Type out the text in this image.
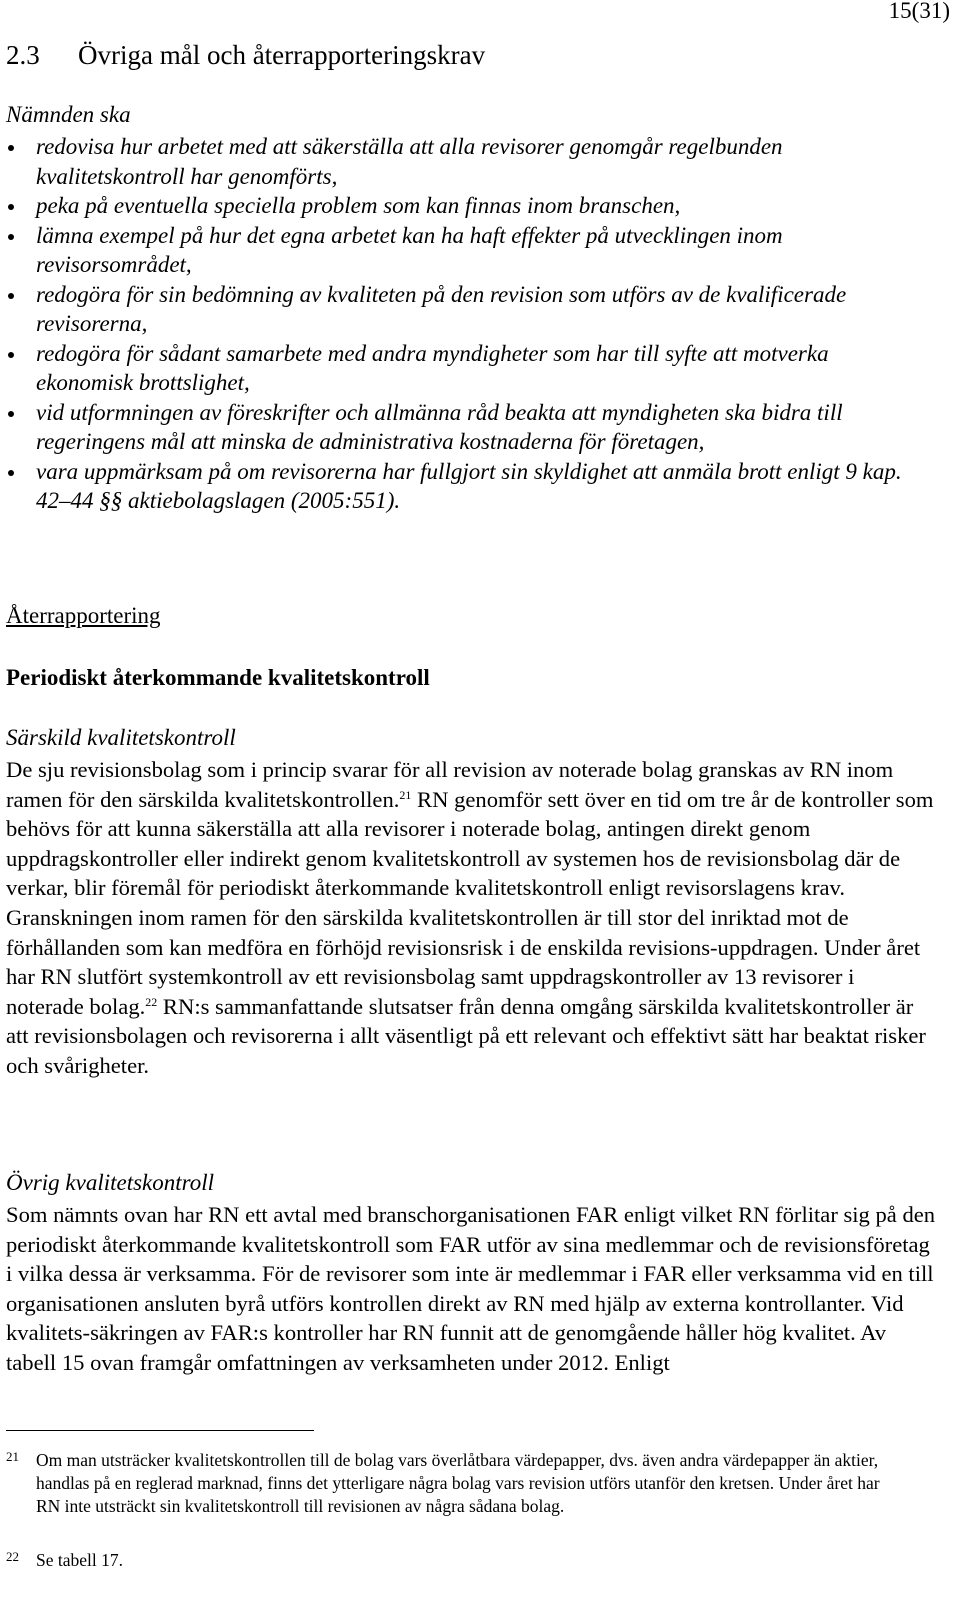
15(31)
2.3 Övriga mål och återrapporteringskrav
Nämnden ska
redovisa hur arbetet med att säkerställa att alla revisorer genomgår regelbunden kvalitetskontroll har genomförts,
peka på eventuella speciella problem som kan finnas inom branschen,
lämna exempel på hur det egna arbetet kan ha haft effekter på utvecklingen inom revisorsområdet,
redogöra för sin bedömning av kvaliteten på den revision som utförs av de kvalificerade revisorerna,
redogöra för sådant samarbete med andra myndigheter som har till syfte att motverka ekonomisk brottslighet,
vid utformningen av föreskrifter och allmänna råd beakta att myndigheten ska bidra till regeringens mål att minska de administrativa kostnaderna för företagen,
vara uppmärksam på om revisorerna har fullgjort sin skyldighet att anmäla brott enligt 9 kap. 42–44 §§ aktiebolagslagen (2005:551).
Återrapportering
Periodiskt återkommande kvalitetskontroll
Särskild kvalitetskontroll

De sju revisionsbolag som i princip svarar för all revision av noterade bolag granskas av RN inom ramen för den särskilda kvalitetskontrollen.$^{21}$ RN genomför sett över en tid om tre år de kontroller som behövs för att kunna säkerställa att alla revisorer i noterade bolag, antingen direkt genom uppdragskontroller eller indirekt genom kvalitetskontroll av systemen hos de revisionsbolag där de verkar, blir föremål för periodiskt återkommande kvalitetskontroll enligt revisorslagens krav. Granskningen inom ramen för den särskilda kvalitetskontrollen är till stor del inriktad mot de förhållanden som kan medföra en förhöjd revisionsrisk i de enskilda revisions-uppdragen. Under året har RN slutfört systemkontroll av ett revisionsbolag samt uppdragskontroller av 13 revisorer i noterade bolag.$^{22}$ RN:s sammanfattande slutsatser från denna omgång särskilda kvalitetskontroller är att revisionsbolagen och revisorerna i allt väsentligt på ett relevant och effektivt sätt har beaktat risker och svårigheter.

Övrig kvalitetskontroll

Som nämnts ovan har RN ett avtal med branschorganisationen FAR enligt vilket RN förlitar sig på den periodiskt återkommande kvalitetskontroll som FAR utför av sina medlemmar och de revisionsföretag i vilka dessa är verksamma. För de revisorer som inte är medlemmar i FAR eller verksamma vid en till organisationen ansluten byrå utförs kontrollen direkt av RN med hjälp av externa kontrollanter. Vid kvalitets-säkringen av FAR:s kontroller har RN funnit att de genomgående håller hög kvalitet. Av tabell 15 ovan framgår omfattningen av verksamheten under 2012. Enligt

21 Om man utsträcker kvalitetskontrollen till de bolag vars överlåtbara värdepapper, dvs. även andra värdepapper än aktier, handlas på en reglerad marknad, finns det ytterligare några bolag vars revision utförs utanför den kretsen. Under året har RN inte utsträckt sin kvalitetskontroll till revisionen av några sådana bolag.
22 Se tabell 17.
